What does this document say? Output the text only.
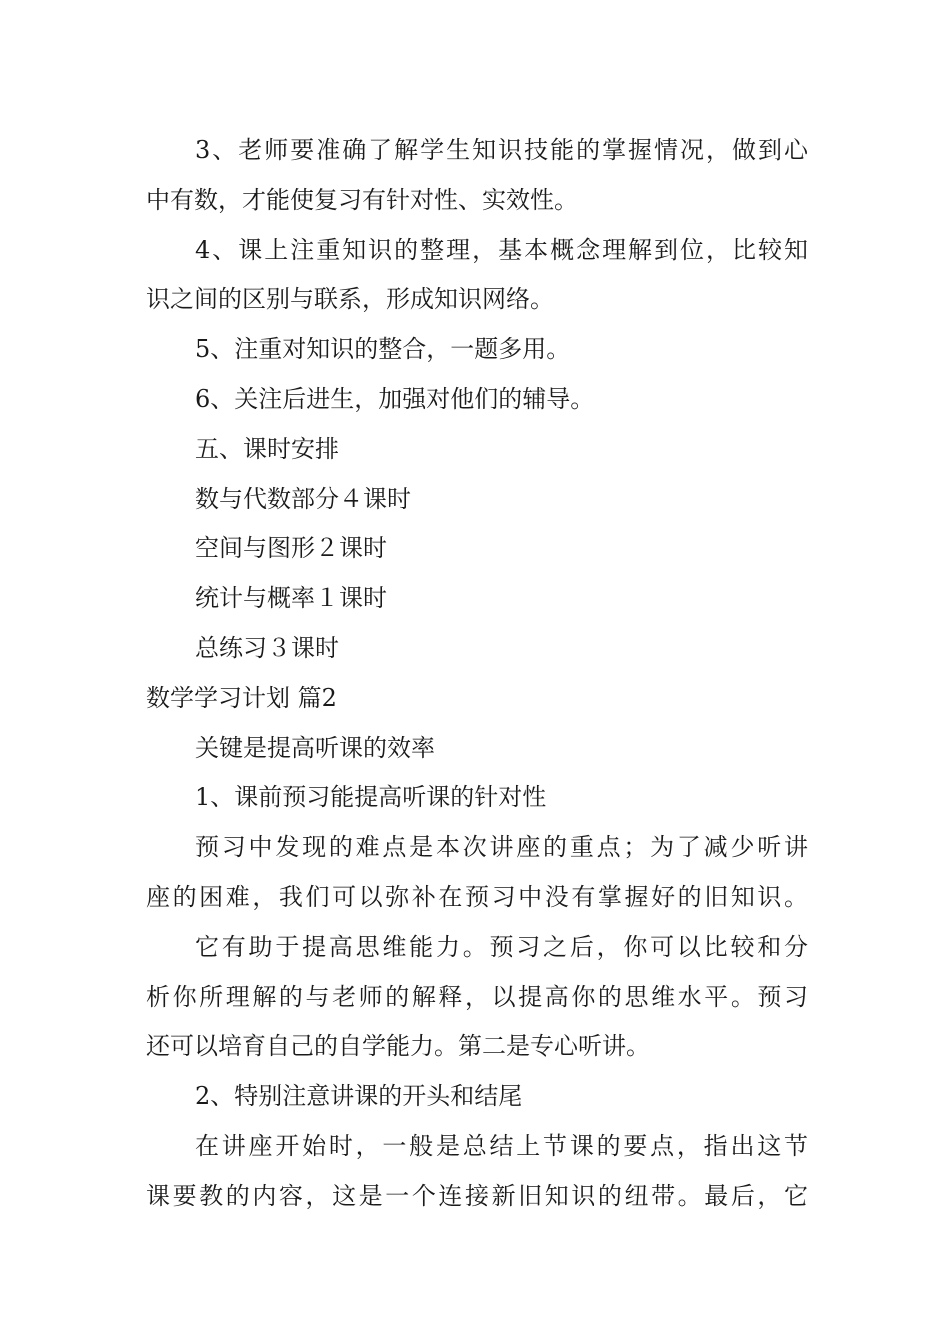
3、老师要准确了解学生知识技能的掌握情况，做到心
中有数，才能使复习有针对性、实效性。
4、课上注重知识的整理，基本概念理解到位，比较知
识之间的区别与联系，形成知识网络。
5、注重对知识的整合，一题多用。
6、关注后进生，加强对他们的辅导。
五、课时安排
数与代数部分４课时
空间与图形２课时
统计与概率１课时
总练习３课时
数学学习计划 篇2
关键是提高听课的效率
1、课前预习能提高听课的针对性
预习中发现的难点是本次讲座的重点；为了减少听讲
座的困难，我们可以弥补在预习中没有掌握好的旧知识。
它有助于提高思维能力。预习之后，你可以比较和分
析你所理解的与老师的解释，以提高你的思维水平。预习
还可以培育自己的自学能力。第二是专心听讲。
2、特别注意讲课的开头和结尾
在讲座开始时，一般是总结上节课的要点，指出这节
课要教的内容，这是一个连接新旧知识的纽带。最后，它
